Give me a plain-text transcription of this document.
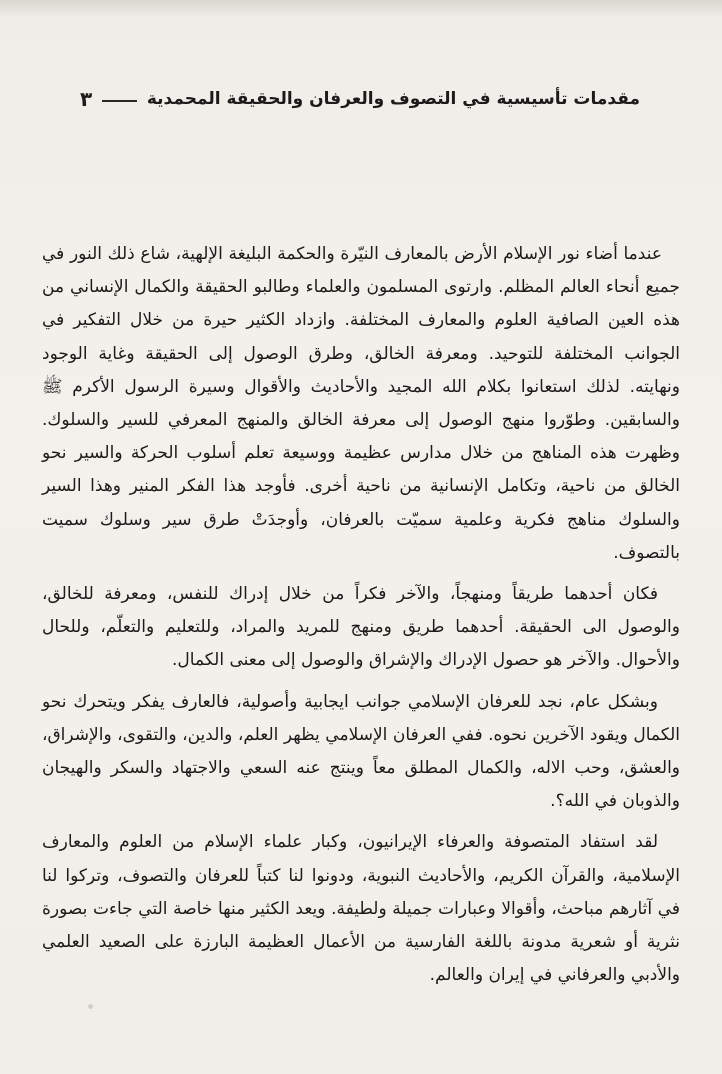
مقدمات تأسيسية في التصوف والعرفان والحقيقة المحمدية
٣

عندما أضاء نور الإسلام الأرض بالمعارف النيّرة والحكمة البليغة الإلهية، شاع ذلك النور في جميع أنحاء العالم المظلم. وارتوى المسلمون والعلماء وطالبو الحقيقة والكمال الإنساني من هذه العين الصافية العلوم والمعارف المختلفة. وازداد الكثير حيرة من خلال التفكير في الجوانب المختلفة للتوحيد. ومعرفة الخالق، وطرق الوصول إلى الحقيقة وغاية الوجود ونهايته. لذلك استعانوا بكلام الله المجيد والأحاديث والأقوال وسيرة الرسول الأكرم ﷺ والسابقين. وطوّروا منهج الوصول إلى معرفة الخالق والمنهج المعرفي للسير والسلوك. وظهرت هذه المناهج من خلال مدارس عظيمة ووسيعة تعلم أسلوب الحركة والسير نحو الخالق من ناحية، وتكامل الإنسانية من ناحية أخرى. فأوجد هذا الفكر المنير وهذا السير والسلوك مناهج فكرية وعلمية سميّت بالعرفان، وأوجدَتْ طرق سير وسلوك سميت بالتصوف.

فكان أحدهما طريقاً ومنهجاً، والآخر فكراً من خلال إدراك للنفس، ومعرفة للخالق، والوصول الى الحقيقة. أحدهما طريق ومنهج للمريد والمراد، وللتعليم والتعلّم، وللحال والأحوال. والآخر هو حصول الإدراك والإشراق والوصول إلى معنى الكمال.

وبشكل عام، نجد للعرفان الإسلامي جوانب ايجابية وأصولية، فالعارف يفكر ويتحرك نحو الكمال ويقود الآخرين نحوه. ففي العرفان الإسلامي يظهر العلم، والدين، والتقوى، والإشراق، والعشق، وحب الاله، والكمال المطلق معاً وينتج عنه السعي والاجتهاد والسكر والهيجان والذوبان في الله؟.

لقد استفاد المتصوفة والعرفاء الإيرانيون، وكبار علماء الإسلام من العلوم والمعارف الإسلامية، والقرآن الكريم، والأحاديث النبوية، ودونوا لنا كتباً للعرفان والتصوف، وتركوا لنا في آثارهم مباحث، وأقوالا وعبارات جميلة ولطيفة. ويعد الكثير منها خاصة التي جاءت بصورة نثرية أو شعرية مدونة باللغة الفارسية من الأعمال العظيمة البارزة على الصعيد العلمي والأدبي والعرفاني في إيران والعالم.
